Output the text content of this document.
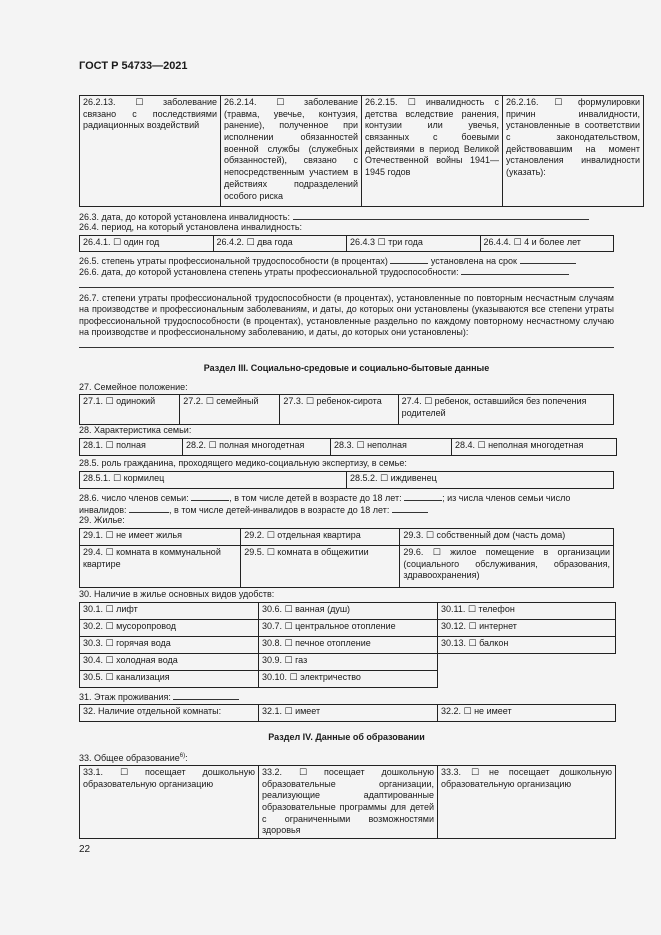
ГОСТ Р 54733—2021
26.2.13. ☐ заболевание связано с последствиями радиационных воздействий	26.2.14. ☐ заболевание (травма, увечье, контузия, ранение), полученное при исполнении обязанностей военной службы (служебных обязанностей), связано с непосредственным участием в действиях подразделений особого риска	26.2.15. ☐ инвалидность с детства вследствие ранения, контузии или увечья, связанных с боевыми действиями в период Великой Отечественной войны 1941—1945 годов	26.2.16. ☐ формулировки причин инвалидности, установленные в соответствии с законодательством, действовавшим на момент установления инвалидности (указать):
26.3. дата, до которой установлена инвалидность:
26.4. период, на который установлена инвалидность:
26.4.1. ☐ один год	26.4.2. ☐ два года	26.4.3 ☐ три года	26.4.4. ☐ 4 и более лет
26.5. степень утраты профессиональной трудоспособности (в процентах)	установлена на срок
26.6. дата, до которой установлена степень утраты профессиональной трудоспособности:
26.7. степени утраты профессиональной трудоспособности (в процентах), установленные по повторным несчастным случаям на производстве и профессиональным заболеваниям, и даты, до которых они установлены (указываются все степени утраты профессиональной трудоспособности (в процентах), установленные раздельно по каждому повторному несчастному случаю на производстве и профессиональному заболеванию, и даты, до которых они установлены):
Раздел III. Социально-средовые и социально-бытовые данные
27. Семейное положение:
27.1. ☐ одинокий	27.2. ☐ семейный	27.3. ☐ ребенок-сирота	27.4. ☐ ребенок, оставшийся без попечения родителей
28. Характеристика семьи:
28.1. ☐ полная	28.2. ☐ полная многодетная	28.3. ☐ неполная	28.4. ☐ неполная многодетная
28.5. роль гражданина, проходящего медико-социальную экспертизу, в семье:
28.5.1. ☐ кормилец	28.5.2. ☐ иждивенец
28.6. число членов семьи:	, в том числе детей в возрасте до 18 лет:	; из числа членов семьи число
инвалидов:	, в том числе детей-инвалидов в возрасте до 18 лет:
29. Жилье:
29.1. ☐ не имеет жилья	29.2. ☐ отдельная квартира	29.3. ☐ собственный дом (часть дома)
29.4. ☐ комната в коммунальной квартире	29.5. ☐ комната в общежитии	29.6. ☐ жилое помещение в организации (социального обслуживания, образования, здравоохранения)
30. Наличие в жилье основных видов удобств:
30.1. ☐ лифт	30.6. ☐ ванная (душ)	30.11. ☐ телефон
30.2. ☐ мусоропровод	30.7. ☐ центральное отопление	30.12. ☐ интернет
30.3. ☐ горячая вода	30.8. ☐ печное отопление	30.13. ☐ балкон
30.4. ☐ холодная вода	30.9. ☐ газ	
30.5. ☐ канализация	30.10. ☐ электричество	
31. Этаж проживания:
32. Наличие отдельной комнаты:	32.1. ☐ имеет	32.2. ☐ не имеет
Раздел IV. Данные об образовании
33. Общее образование$^{6)}$:
33.1. ☐ посещает дошкольную образовательную организацию	33.2. ☐ посещает дошкольную образовательные организации, реализующие адаптированные образовательные программы для детей с ограниченными возможностями здоровья	33.3. ☐ не посещает дошкольную образовательную организацию
22
